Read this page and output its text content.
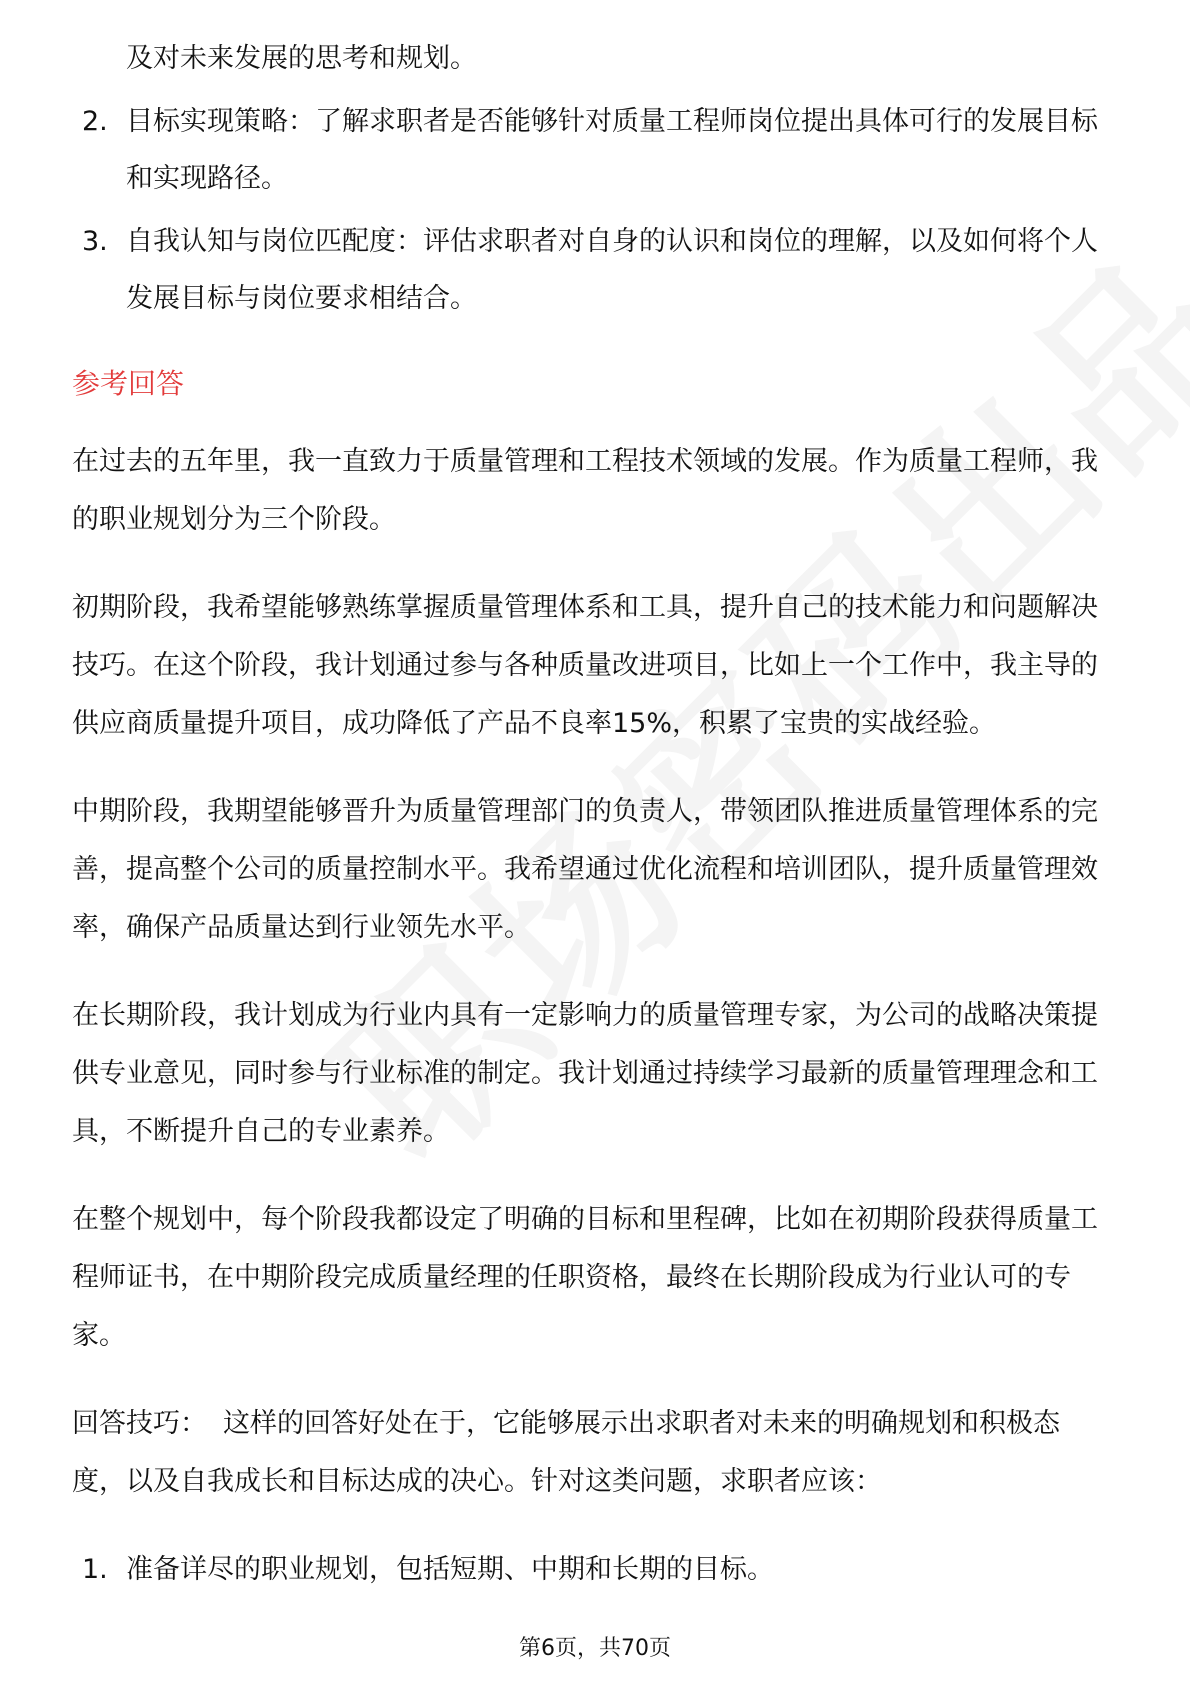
及对未来发展的思考和规划。
2. 目标实现策略：了解求职者是否能够针对质量工程师岗位提出具体可行的发展目标和实现路径。
3. 自我认知与岗位匹配度：评估求职者对自身的认识和岗位的理解，以及如何将个人发展目标与岗位要求相结合。
参考回答

在过去的五年里，我一直致力于质量管理和工程技术领域的发展。作为质量工程师，我的职业规划分为三个阶段。

初期阶段，我希望能够熟练掌握质量管理体系和工具，提升自己的技术能力和问题解决技巧。在这个阶段，我计划通过参与各种质量改进项目，比如上一个工作中，我主导的供应商质量提升项目，成功降低了产品不良率15%，积累了宝贵的实战经验。

中期阶段，我期望能够晋升为质量管理部门的负责人，带领团队推进质量管理体系的完善，提高整个公司的质量控制水平。我希望通过优化流程和培训团队，提升质量管理效率，确保产品质量达到行业领先水平。

在长期阶段，我计划成为行业内具有一定影响力的质量管理专家，为公司的战略决策提供专业意见，同时参与行业标准的制定。我计划通过持续学习最新的质量管理理念和工具，不断提升自己的专业素养。

在整个规划中，每个阶段我都设定了明确的目标和里程碑，比如在初期阶段获得质量工程师证书，在中期阶段完成质量经理的任职资格，最终在长期阶段成为行业认可的专家。

回答技巧： 这样的回答好处在于，它能够展示出求职者对未来的明确规划和积极态度，以及自我成长和目标达成的决心。针对这类问题，求职者应该：

1. 准备详尽的职业规划，包括短期、中期和长期的目标。
第6页，共70页
